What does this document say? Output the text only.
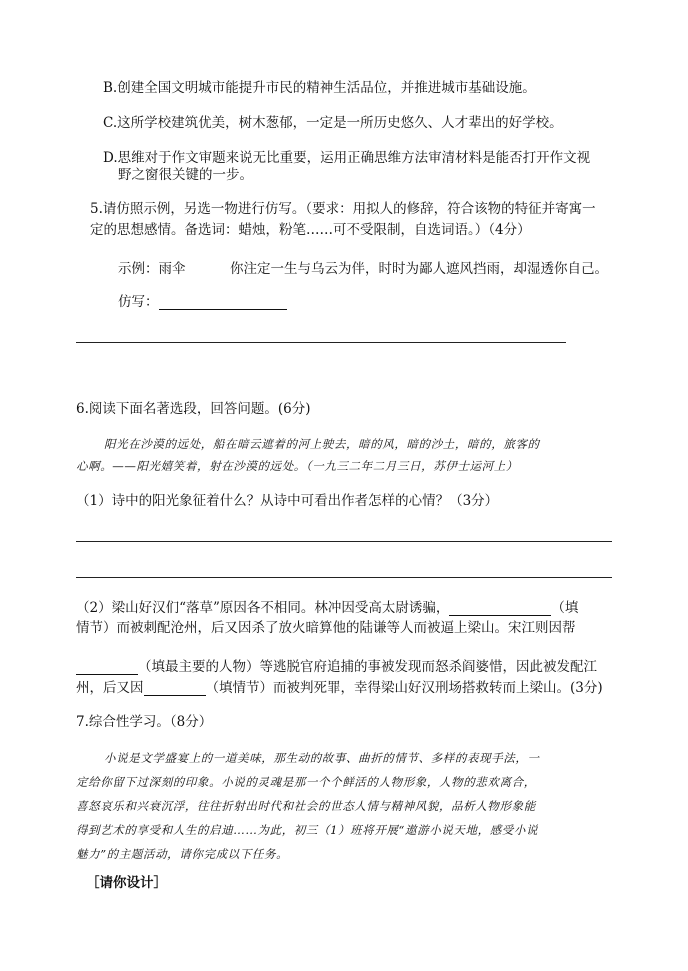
B.创建全国文明城市能提升市民的精神生活品位，并推进城市基础设施。
C.这所学校建筑优美，树木葱郁，一定是一所历史悠久、人才辈出的好学校。
D.思维对于作文审题来说无比重要，运用正确思维方法审清材料是能否打开作文视
野之窗很关键的一步。
5.请仿照示例，另选一物进行仿写。（要求：用拟人的修辞，符合该物的特征并寄寓一
定的思想感情。备选词：蜡烛，粉笔……可不受限制，自选词语。）（4分）
示例：雨伞	你注定一生与乌云为伴，时时为鄙人遮风挡雨，却湿透你自己。
仿写：
6.阅读下面名著选段，回答问题。(6分)
阳光在沙漠的远处，船在暗云遮着的河上驶去，暗的风，暗的沙土，暗的，旅客的
心啊。——阳光嬉笑着，射在沙漠的远处。（一九三二年二月三日，苏伊士运河上）
（1）诗中的阳光象征着什么？从诗中可看出作者怎样的心情？（3分）
（2）梁山好汉们“落草”原因各不相同。林冲因受高太尉诱骗，	（填
情节）而被刺配沧州，后又因杀了放火暗算他的陆谦等人而被逼上梁山。宋江则因帮
（填最主要的人物）等逃脱官府追捕的事被发现而怒杀阎婆惜，因此被发配江
州，后又因	（填情节）而被判死罪，幸得梁山好汉刑场搭救转而上梁山。(3分)
7.综合性学习。（8分）
小说是文学盛宴上的一道美味，那生动的故事、曲折的情节、多样的表现手法，一
定给你留下过深刻的印象。小说的灵魂是那一个个鲜活的人物形象，人物的悲欢离合，
喜怒哀乐和兴衰沉浮，往往折射出时代和社会的世态人情与精神风貌，品析人物形象能
得到艺术的享受和人生的启迪……为此，初三（1）班将开展“遨游小说天地，感受小说
魅力”的主题活动，请你完成以下任务。
［请你设计］
